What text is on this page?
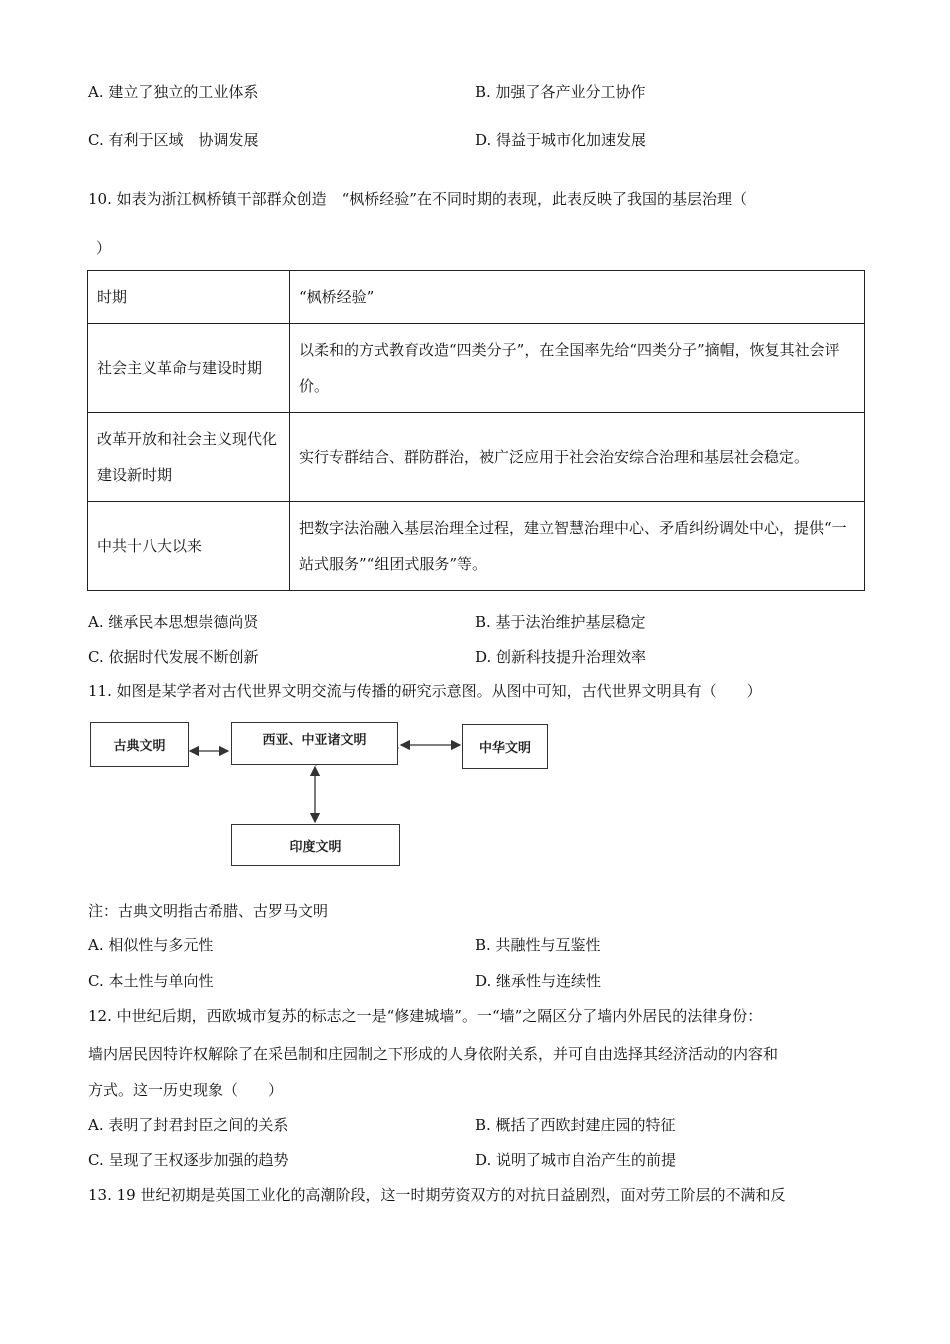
A. 建立了独立的工业体系	B. 加强了各产业分工协作
C. 有利于区域　协调发展	D. 得益于城市化加速发展
10. 如表为浙江枫桥镇干部群众创造　“枫桥经验”在不同时期的表现，此表反映了我国的基层治理（
）
时期	“枫桥经验”
社会主义革命与建设时期	以柔和的方式教育改造“四类分子”，在全国率先给“四类分子”摘帽，恢复其社会评价。
改革开放和社会主义现代化建设新时期	实行专群结合、群防群治，被广泛应用于社会治安综合治理和基层社会稳定。
中共十八大以来	把数字法治融入基层治理全过程，建立智慧治理中心、矛盾纠纷调处中心，提供“一站式服务”“组团式服务”等。
A. 继承民本思想崇德尚贤	B. 基于法治维护基层稳定
C. 依据时代发展不断创新	D. 创新科技提升治理效率
11. 如图是某学者对古代世界文明交流与传播的研究示意图。从图中可知，古代世界文明具有（　　）
古典文明	西亚、中亚诸文明
中华文明
印度文明
注：古典文明指古希腊、古罗马文明
A. 相似性与多元性	B. 共融性与互鉴性
C. 本土性与单向性	D. 继承性与连续性
12. 中世纪后期，西欧城市复苏的标志之一是“修建城墙”。一“墙”之隔区分了墙内外居民的法律身份：
墙内居民因特许权解除了在采邑制和庄园制之下形成的人身依附关系，并可自由选择其经济活动的内容和
方式。这一历史现象（　　）
A. 表明了封君封臣之间的关系	B. 概括了西欧封建庄园的特征
C. 呈现了王权逐步加强的趋势	D. 说明了城市自治产生的前提
13. 19 世纪初期是英国工业化的高潮阶段，这一时期劳资双方的对抗日益剧烈，面对劳工阶层的不满和反
